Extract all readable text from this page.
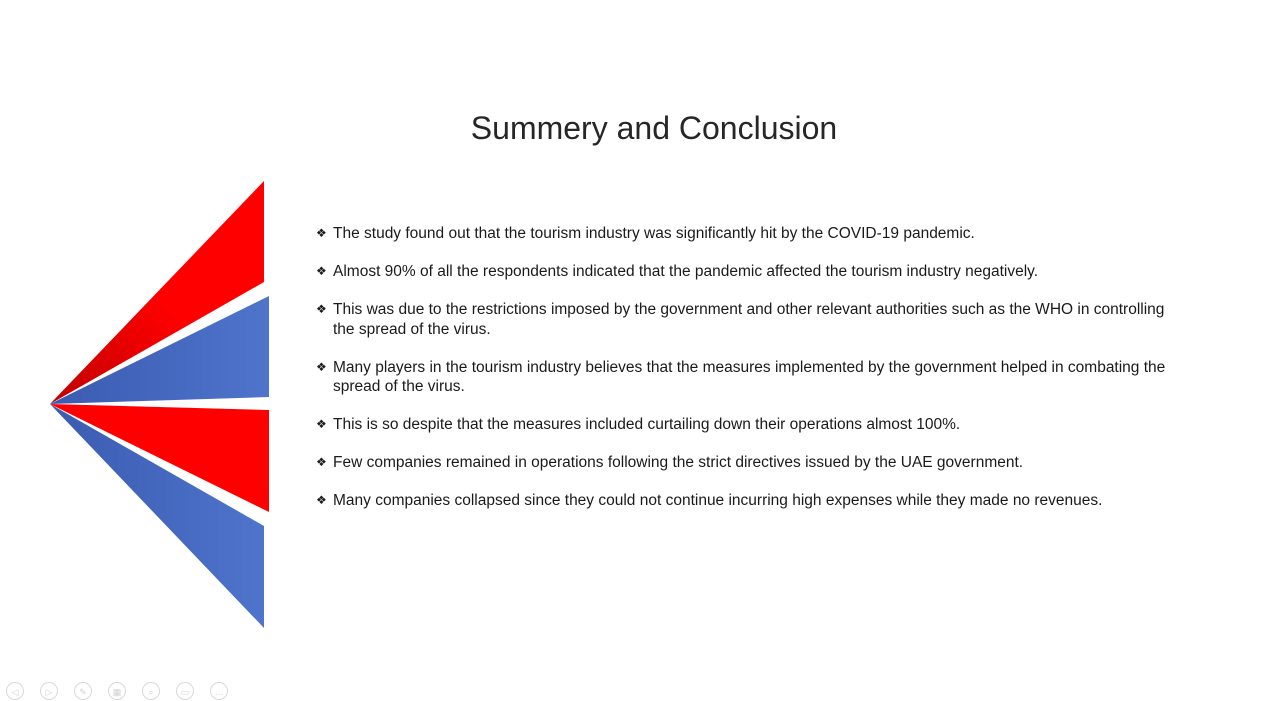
Summery and Conclusion
❖ The study found out that the tourism industry was significantly hit by the COVID-19 pandemic.
❖ Almost 90% of all the respondents indicated that the pandemic affected the tourism industry negatively.
❖ This was due to the restrictions imposed by the government and other relevant authorities such as the WHO in controlling the spread of the virus.
❖ Many players in the tourism industry believes that the measures implemented by the government helped in combating the spread of the virus.
❖ This is so despite that the measures included curtailing down their operations almost 100%.
❖ Few companies remained in operations following the strict directives issued by the UAE government.
❖ Many companies collapsed since they could not continue incurring high expenses while they made no revenues.
◁	▷	✎	▦	⌕	▭	…
